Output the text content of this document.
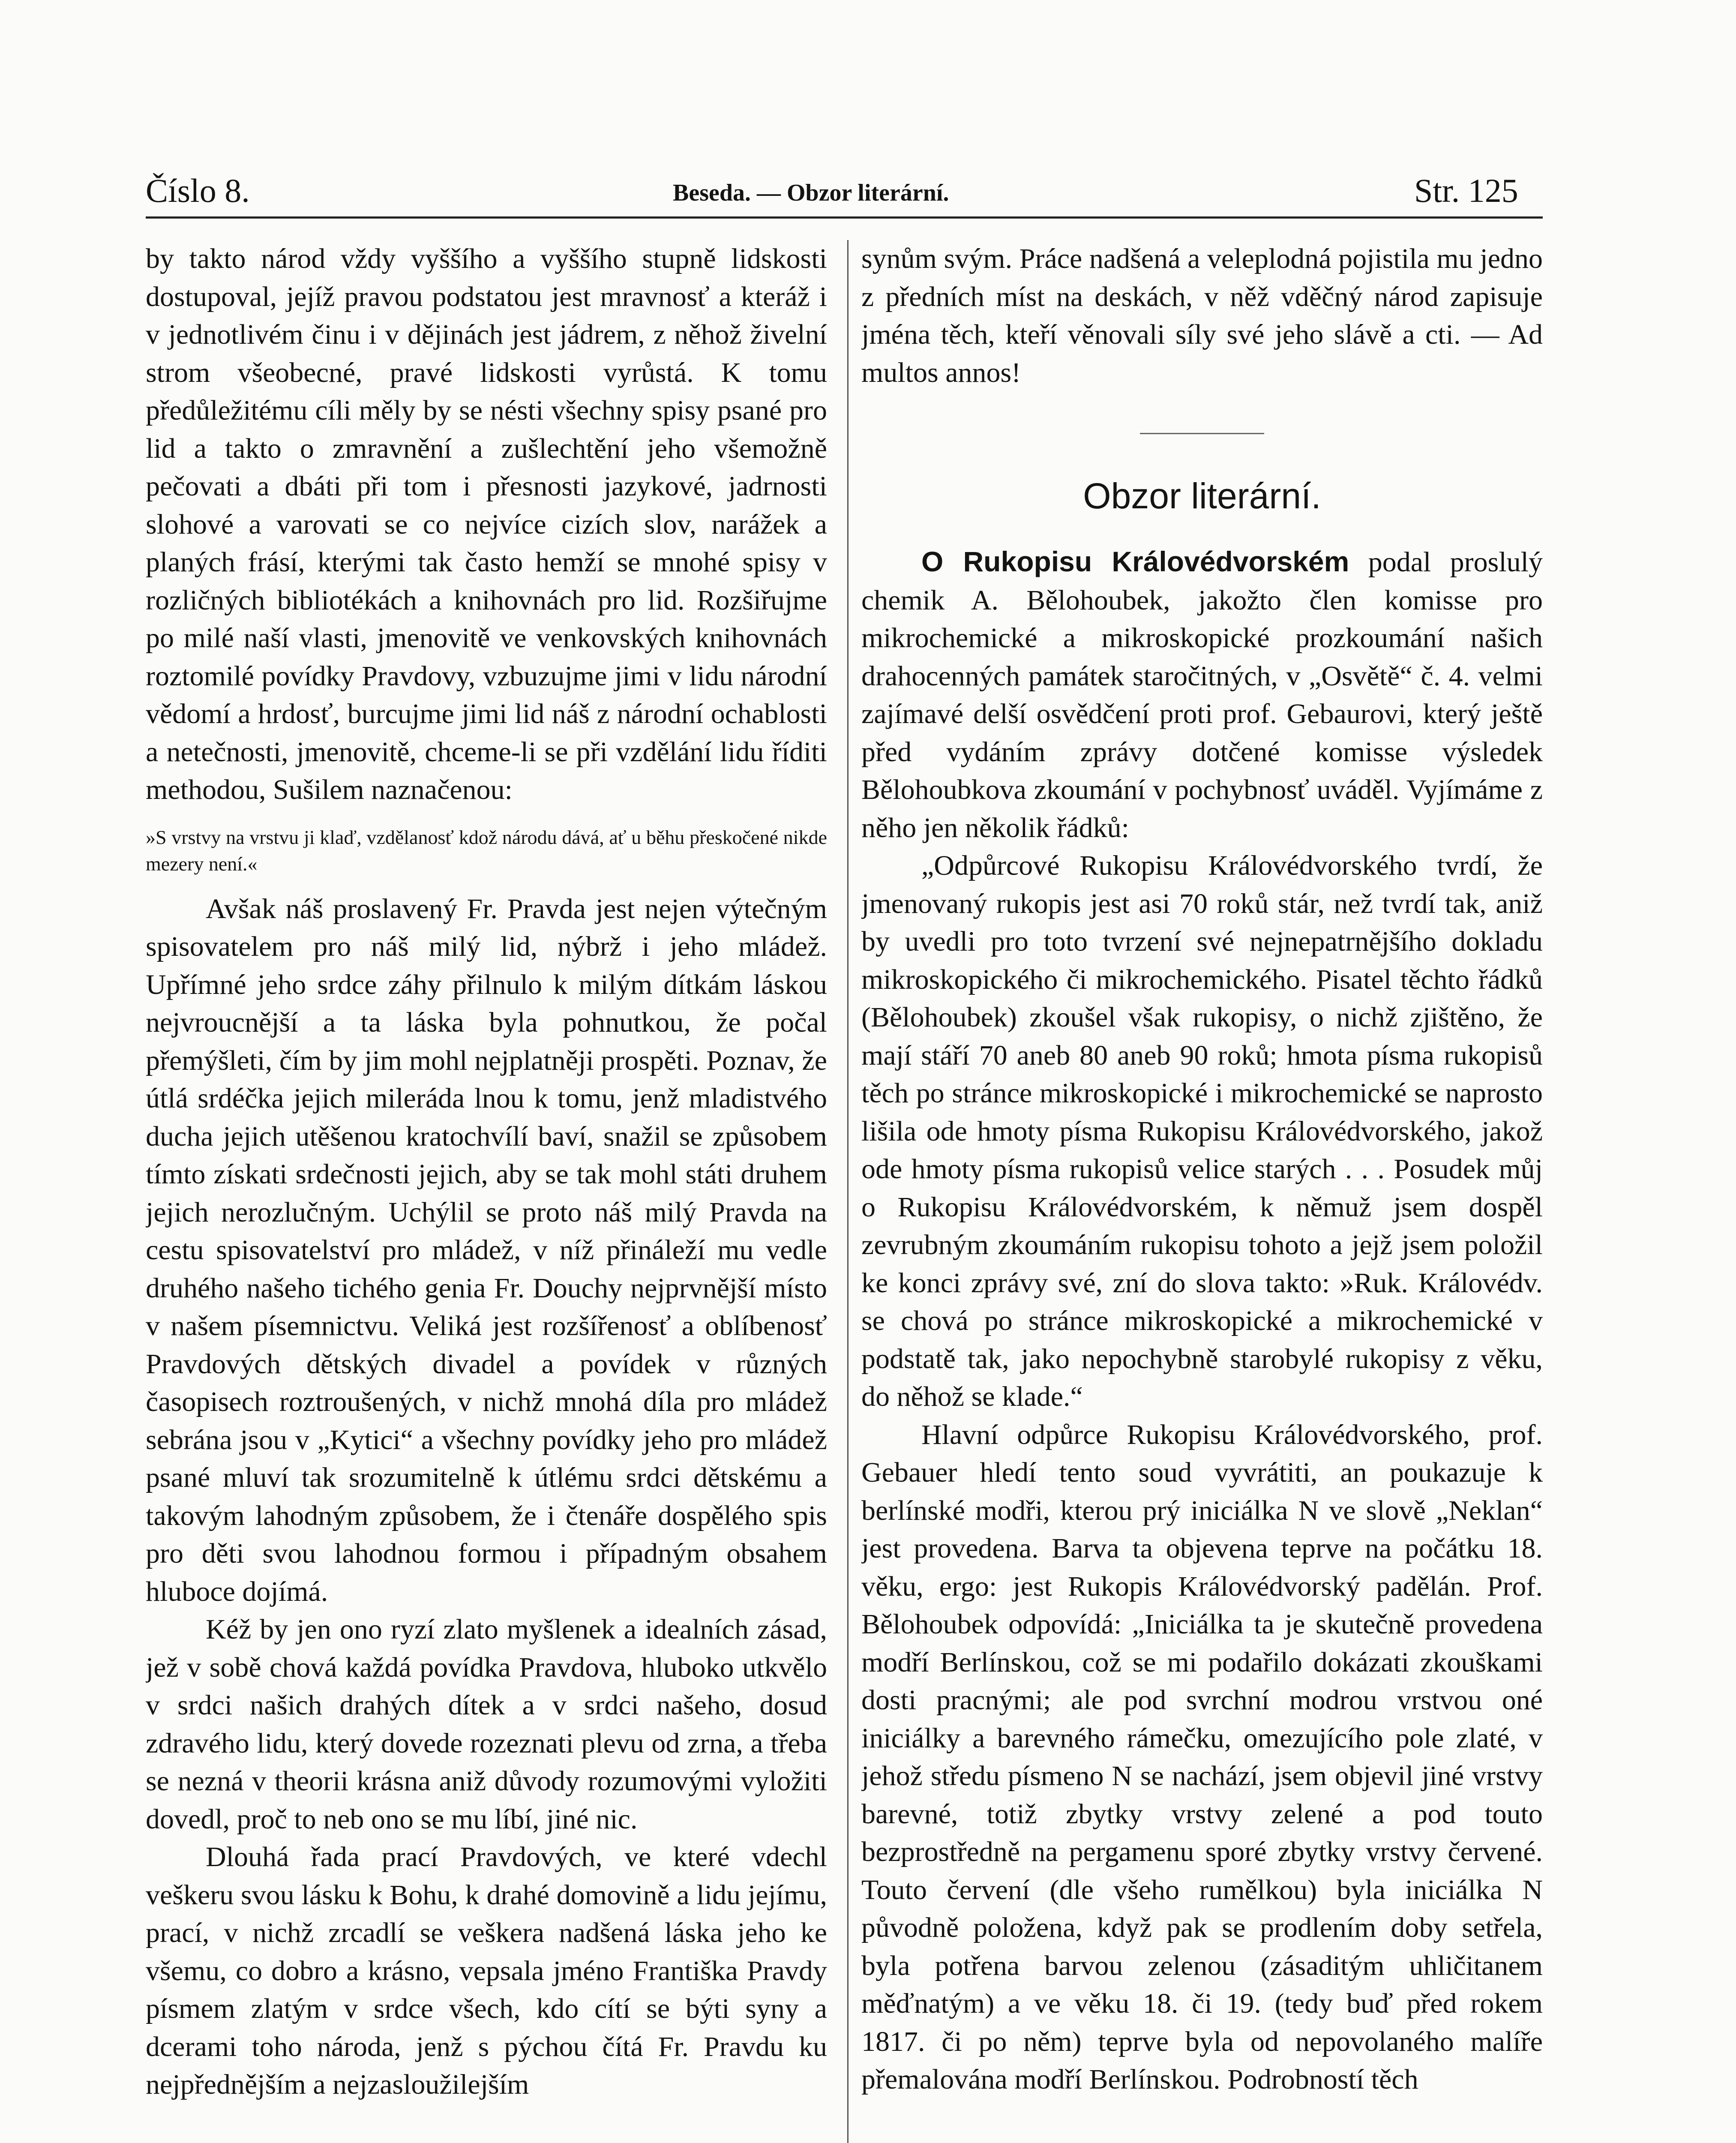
Číslo 8.	Beseda. — Obzor literární.	Str. 125

by takto národ vždy vyššího a vyššího stupně lidskosti dostupoval, jejíž pravou podstatou jest mravnosť a kteráž i v jednotlivém činu i v dějinách jest jádrem, z něhož živelní strom všeobecné, pravé lidskosti vyrůstá. K tomu předůležitému cíli měly by se nésti všechny spisy psané pro lid a takto o zmravnění a zušlechtění jeho všemožně pečovati a dbáti při tom i přesnosti jazykové, jadrnosti slohové a varovati se co nejvíce cizích slov, narážek a planých frásí, kterými tak často hemží se mnohé spisy v rozličných bibliotékách a knihovnách pro lid. Rozšiřujme po milé naší vlasti, jmenovitě ve venkovských knihovnách roztomilé povídky Pravdovy, vzbuzujme jimi v lidu národní vědomí a hrdosť, burcujme jimi lid náš z národní ochablosti a netečnosti, jmenovitě, chceme-li se při vzdělání lidu říditi methodou, Sušilem naznačenou:

»S vrstvy na vrstvu ji klaď, vzdělanosť kdož národu dává, ať u běhu přeskočené nikde mezery není.«

Avšak náš proslavený Fr. Pravda jest nejen výtečným spisovatelem pro náš milý lid, nýbrž i jeho mládež. Upřímné jeho srdce záhy přilnulo k milým dítkám láskou nejvroucnější a ta láska byla pohnutkou, že počal přemýšleti, čím by jim mohl nejplatněji prospěti. Poznav, že útlá srdéčka jejich mileráda lnou k tomu, jenž mladistvého ducha jejich utěšenou kratochvílí baví, snažil se způsobem tímto získati srdečnosti jejich, aby se tak mohl státi druhem jejich nerozlučným. Uchýlil se proto náš milý Pravda na cestu spisovatelství pro mládež, v níž přináleží mu vedle druhého našeho tichého genia Fr. Douchy nejprvnější místo v našem písemnictvu. Veliká jest rozšířenosť a oblíbenosť Pravdových dětských divadel a povídek v různých časopisech roztroušených, v nichž mnohá díla pro mládež sebrána jsou v „Kytici“ a všechny povídky jeho pro mládež psané mluví tak srozumitelně k útlému srdci dětskému a takovým lahodným způsobem, že i čtenáře dospělého spis pro děti svou lahodnou formou i případným obsahem hluboce dojímá.

Kéž by jen ono ryzí zlato myšlenek a idealních zásad, jež v sobě chová každá povídka Pravdova, hluboko utkvělo v srdci našich drahých dítek a v srdci našeho, dosud zdravého lidu, který dovede rozeznati plevu od zrna, a třeba se nezná v theorii krásna aniž důvody rozumovými vyložiti dovedl, proč to neb ono se mu líbí, jiné nic.

Dlouhá řada prací Pravdových, ve které vdechl veškeru svou lásku k Bohu, k drahé domovině a lidu jejímu, prací, v nichž zrcadlí se veškera nadšená láska jeho ke všemu, co dobro a krásno, vepsala jméno Františka Pravdy písmem zlatým v srdce všech, kdo cítí se býti syny a dcerami toho národa, jenž s pýchou čítá Fr. Pravdu ku nejpřednějším a nejzasloužilejším

synům svým. Práce nadšená a veleplodná pojistila mu jedno z předních míst na deskách, v něž vděčný národ zapisuje jména těch, kteří věnovali síly své jeho slávě a cti. — Ad multos annos!

Obzor literární.

O Rukopisu Královédvorském podal proslulý chemik A. Bělohoubek, jakožto člen komisse pro mikrochemické a mikroskopické prozkoumání našich drahocenných památek staročitných, v „Osvětě“ č. 4. velmi zajímavé delší osvědčení proti prof. Gebaurovi, který ještě před vydáním zprávy dotčené komisse výsledek Bělohoubkova zkoumání v pochybnosť uváděl. Vyjímáme z něho jen několik řádků:

„Odpůrcové Rukopisu Královédvorského tvrdí, že jmenovaný rukopis jest asi 70 roků stár, než tvrdí tak, aniž by uvedli pro toto tvrzení své nejnepatrnějšího dokladu mikroskopického či mikrochemického. Pisatel těchto řádků (Bělohoubek) zkoušel však rukopisy, o nichž zjištěno, že mají stáří 70 aneb 80 aneb 90 roků; hmota písma rukopisů těch po stránce mikroskopické i mikrochemické se naprosto lišila ode hmoty písma Rukopisu Královédvorského, jakož ode hmoty písma rukopisů velice starých . . . Posudek můj o Rukopisu Královédvorském, k němuž jsem dospěl zevrubným zkoumáním rukopisu tohoto a jejž jsem položil ke konci zprávy své, zní do slova takto: »Ruk. Královédv. se chová po stránce mikroskopické a mikrochemické v podstatě tak, jako nepochybně starobylé rukopisy z věku, do něhož se klade.“

Hlavní odpůrce Rukopisu Královédvorského, prof. Gebauer hledí tento soud vyvrátiti, an poukazuje k berlínské modři, kterou prý iniciálka N ve slově „Neklan“ jest provedena. Barva ta objevena teprve na počátku 18. věku, ergo: jest Rukopis Královédvorský padělán. Prof. Bělohoubek odpovídá: „Iniciálka ta je skutečně provedena modří Berlínskou, což se mi podařilo dokázati zkouškami dosti pracnými; ale pod svrchní modrou vrstvou oné iniciálky a barevného rámečku, omezujícího pole zlaté, v jehož středu písmeno N se nachází, jsem objevil jiné vrstvy barevné, totiž zbytky vrstvy zelené a pod touto bezprostředně na pergamenu sporé zbytky vrstvy červené. Touto červení (dle všeho rumělkou) byla iniciálka N původně položena, když pak se prodlením doby setřela, byla potřena barvou zelenou (zásaditým uhličitanem měďnatým) a ve věku 18. či 19. (tedy buď před rokem 1817. či po něm) teprve byla od nepovolaného malíře přemalována modří Berlínskou. Podrobností těch
